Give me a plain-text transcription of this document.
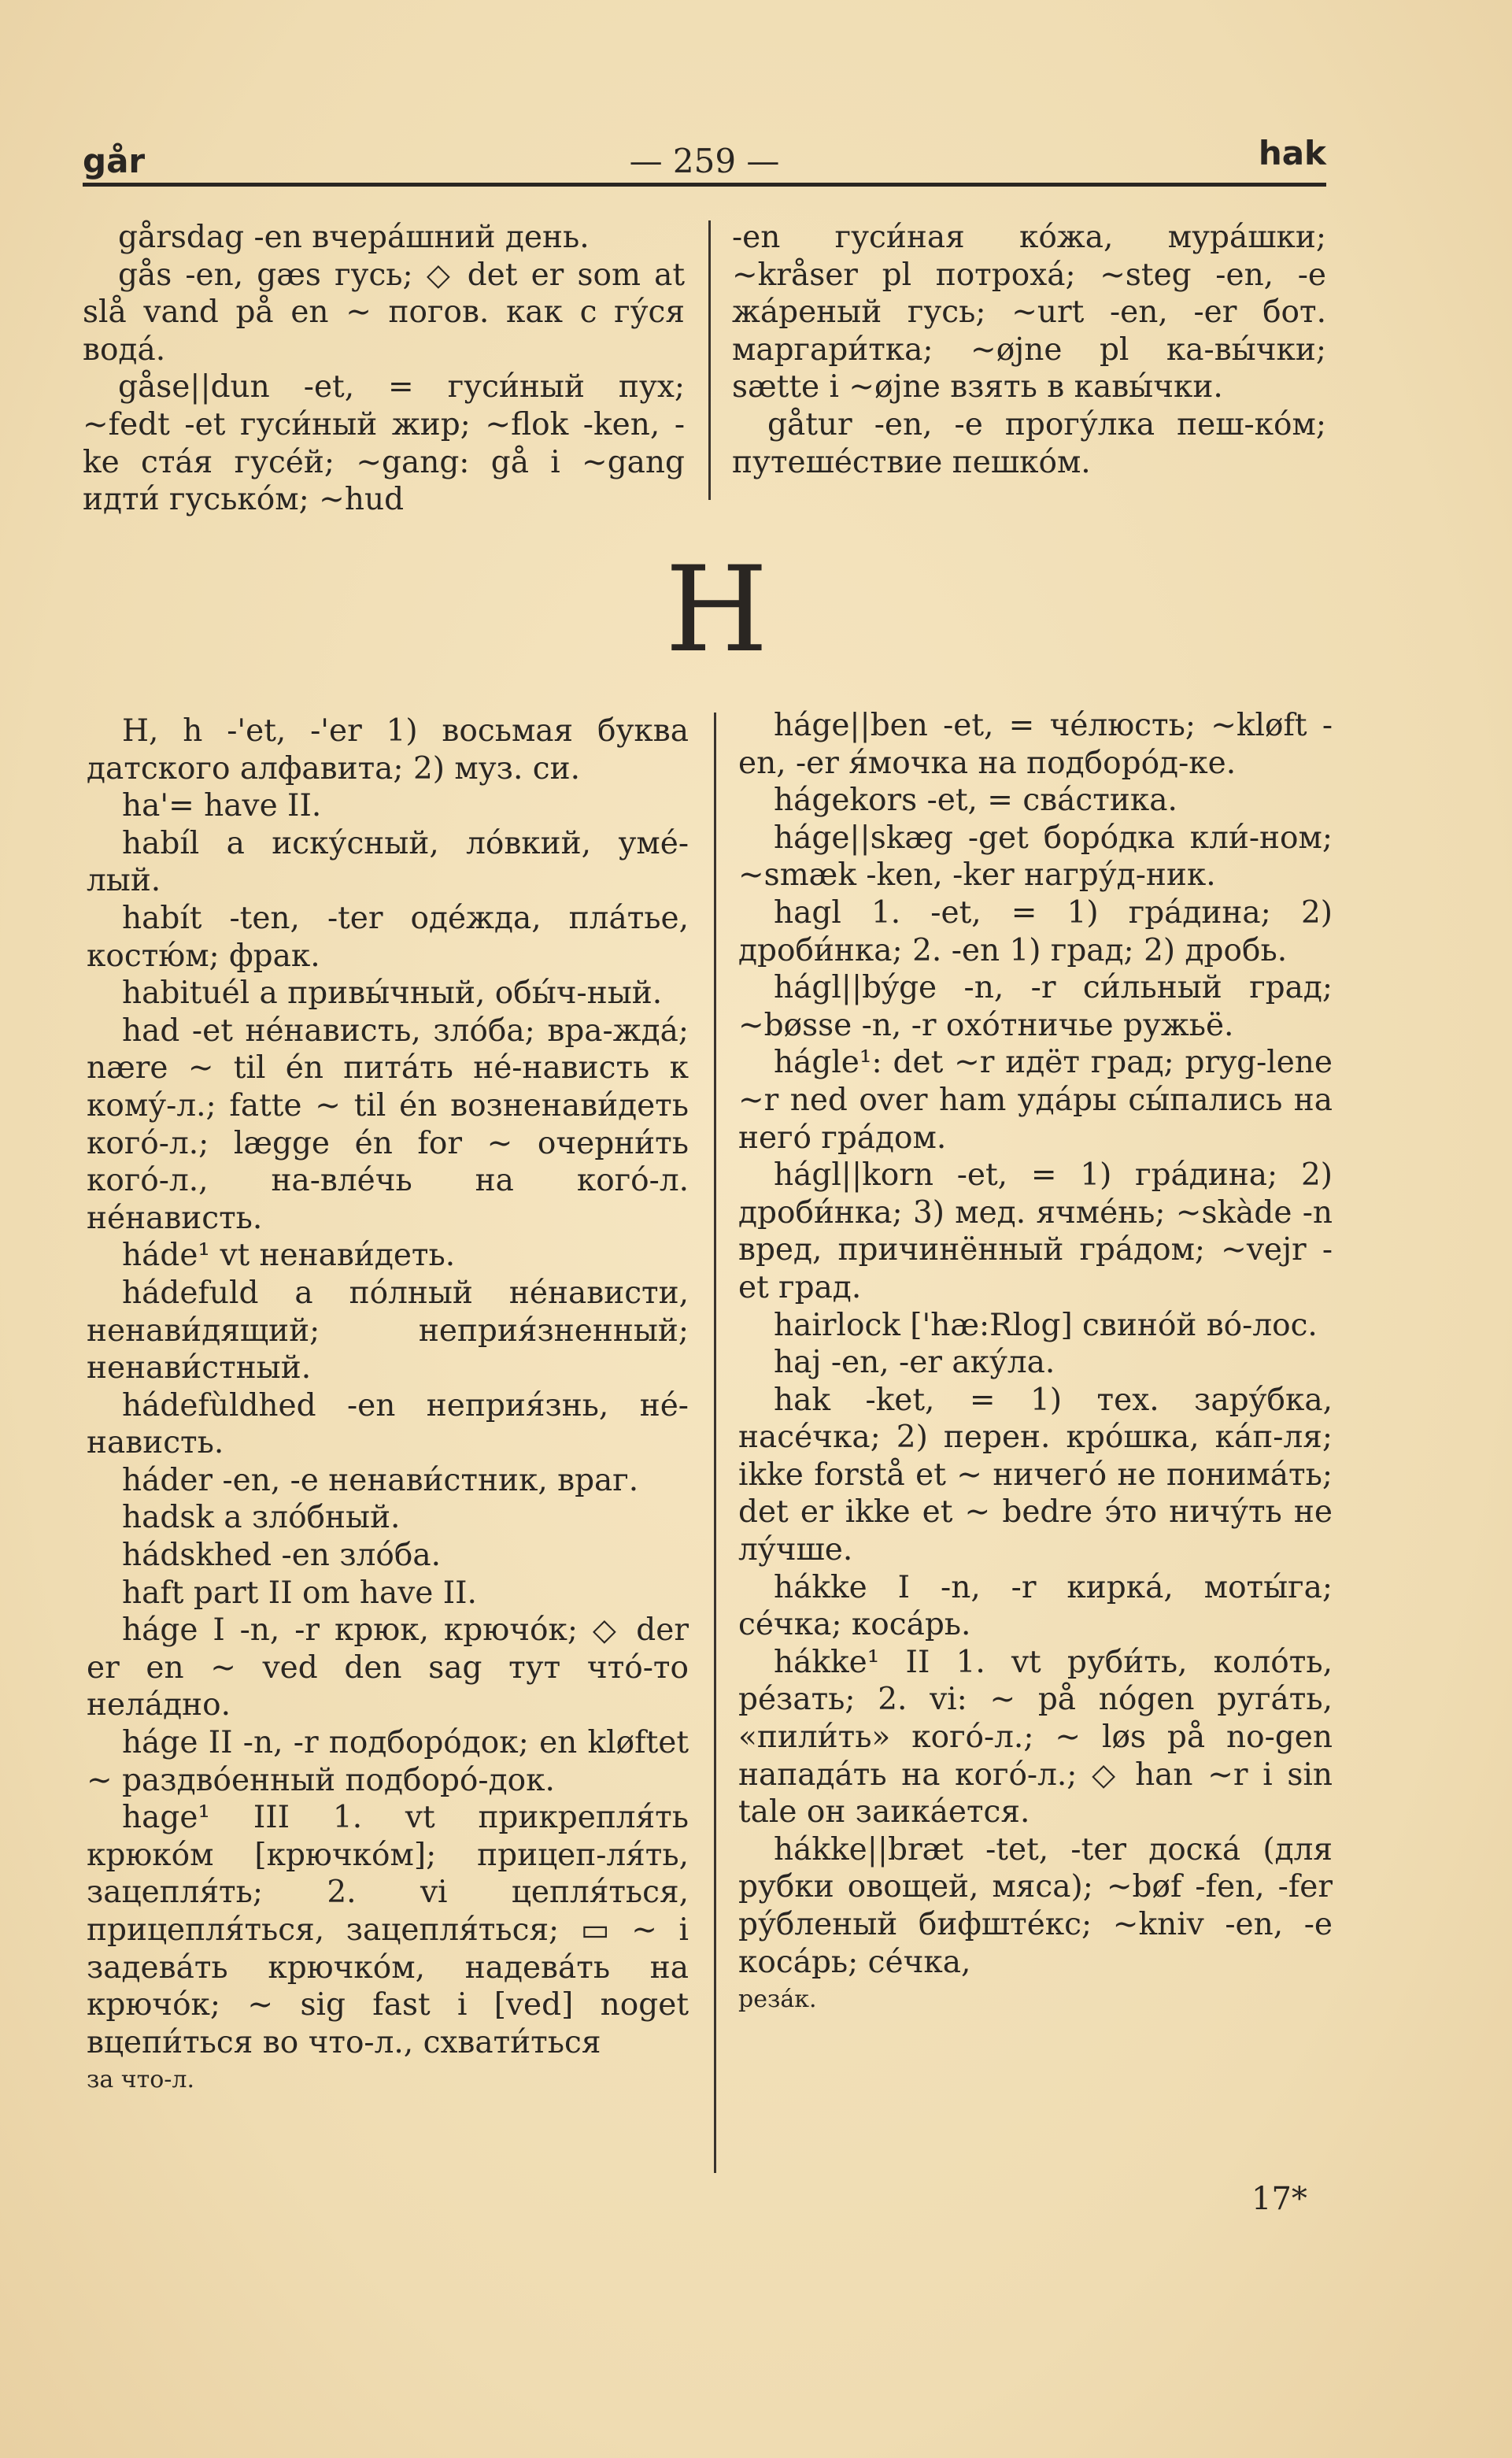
går	— 259 —	hak

gårsdag -en вчера́шний день.

gås -en, gæs гусь; ◇ det er som at slå vand på en ~ погов. как с гу́ся вода́.

gåse||dun -et, = гуси́ный пух; ~fedt -et гуси́ный жир; ~flok -ken, -ke ста́я гусе́й; ~gang: gå i ~gang идти́ гусько́м; ~hud

-en гуси́ная ко́жа, мура́шки; ~kråser pl потроха́; ~steg -en, -e жа́реный гусь; ~urt -en, -er бот. маргари́тка; ~øjne pl ка-вы́чки; sætte i ~øjne взять в кавы́чки.

gåtur -en, -e прогу́лка пеш-ко́м; путеше́ствие пешко́м.

H

H, h -'et, -'er 1) восьмая буква датского алфавита; 2) муз. си.

ha'= have II.

habíl a иску́сный, ло́вкий, уме́-лый.

habít -ten, -ter оде́жда, пла́тье, костю́м; фрак.

habituél a привы́чный, обы́ч-ный.

had -et не́нависть, зло́ба; вра-жда́; nære ~ til én пита́ть не́-нависть к кому́-л.; fatte ~ til én возненави́деть кого́-л.; lægge én for ~ очерни́ть кого́-л., на-вле́чь на кого́-л. не́нависть.

háde¹ vt ненави́деть.

hádefuld a по́лный не́нависти, ненави́дящий; неприя́зненный; ненави́стный.

hádefùldhed -en неприя́знь, не́-нависть.

háder -en, -e ненави́стник, враг.

hadsk a зло́бный.

hádskhed -en зло́ба.

haft part II om have II.

háge I -n, -r крюк, крючо́к; ◇ der er en ~ ved den sag тут что́-то нела́дно.

háge II -n, -r подборо́док; en kløftet ~ раздво́енный подборо́-док.

hage¹ III 1. vt прикрепля́ть крюко́м [крючко́м]; прицеп-ля́ть, зацепля́ть; 2. vi цепля́ться, прицепля́ться, зацепля́ться; ▭ ~ i задева́ть крючко́м, надева́ть на крючо́к; ~ sig fast i [ved] noget вцепи́ться во что-л., схвати́ться

за что-л.

háge||ben -et, = че́люсть; ~kløft -en, -er я́мочка на подборо́д-ке.

hágekors -et, = сва́стика.

háge||skæg -get боро́дка кли́-ном; ~smæk -ken, -ker нагру́д-ник.

hagl 1. -et, = 1) гра́дина; 2) дроби́нка; 2. -en 1) град; 2) дробь.

hágl||býge -n, -r си́льный град; ~bøsse -n, -r охо́тничье ружьё.

hágle¹: det ~r идёт град; pryg-lene ~r ned over ham уда́ры сы́пались на него́ гра́дом.

hágl||korn -et, = 1) гра́дина; 2) дроби́нка; 3) мед. ячме́нь; ~skàde -n вред, причинённый гра́дом; ~vejr -et град.

hairlock ['hæ:Rlog] свино́й во́-лос.

haj -en, -er аку́ла.

hak -ket, = 1) тех. зару́бка, насе́чка; 2) перен. кро́шка, ка́п-ля; ikke forstå et ~ ничего́ не понима́ть; det er ikke et ~ bedre э́то ничу́ть не лу́чше.

hákke I -n, -r кирка́, моты́га; се́чка; коса́рь.

hákke¹ II 1. vt руби́ть, коло́ть, ре́зать; 2. vi: ~ på nógen руга́ть, «пили́ть» кого́-л.; ~ løs på no-gen напада́ть на кого́-л.; ◇ han ~r i sin tale он заика́ется.

hákke||bræt -tet, -ter доска́ (для рубки овощей, мяса); ~bøf -fen, -fer ру́бленый бифште́кс; ~kniv -en, -e коса́рь; се́чка,

реза́к.

17*
